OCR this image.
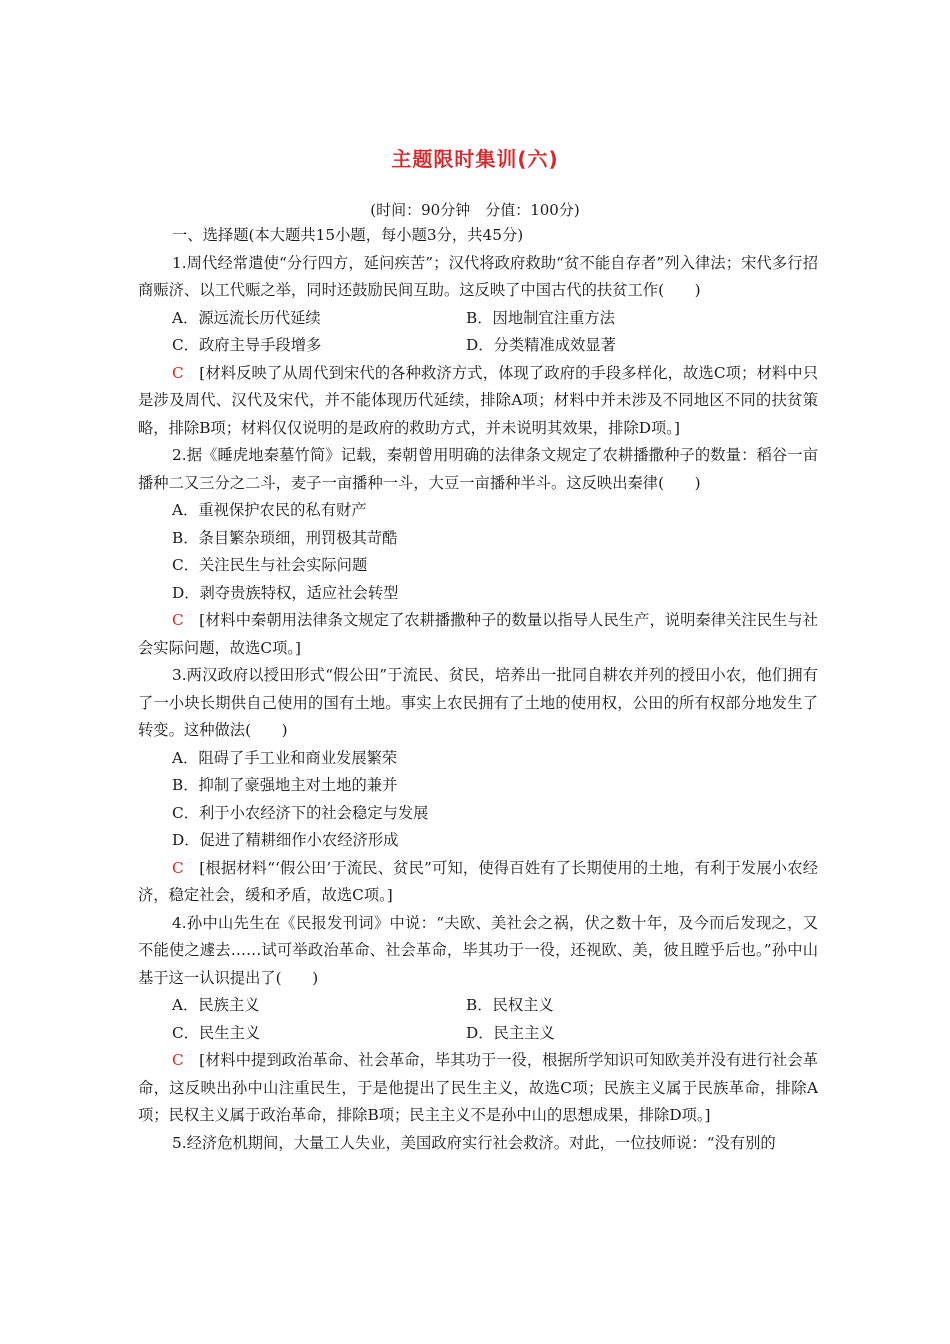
主题限时集训(六)
(时间：90分钟　分值：100分)

一、选择题(本大题共15小题，每小题3分，共45分)

1.周代经常遣使“分行四方，延问疾苦”；汉代将政府救助“贫不能自存者”列入律法；宋代多行招商赈济、以工代赈之举，同时还鼓励民间互助。这反映了中国古代的扶贫工作(　　)

A．源远流长历代延续	B．因地制宜注重方法
C．政府主导手段增多	D．分类精准成效显著

C　[材料反映了从周代到宋代的各种救济方式，体现了政府的手段多样化，故选C项；材料中只是涉及周代、汉代及宋代，并不能体现历代延续，排除A项；材料中并未涉及不同地区不同的扶贫策略，排除B项；材料仅仅说明的是政府的救助方式，并未说明其效果，排除D项。]

2.据《睡虎地秦墓竹简》记载，秦朝曾用明确的法律条文规定了农耕播撒种子的数量：稻谷一亩播种二又三分之二斗，麦子一亩播种一斗，大豆一亩播种半斗。这反映出秦律(　　)

A．重视保护农民的私有财产

B．条目繁杂琐细，刑罚极其苛酷

C．关注民生与社会实际问题

D．剥夺贵族特权，适应社会转型

C　[材料中秦朝用法律条文规定了农耕播撒种子的数量以指导人民生产，说明秦律关注民生与社会实际问题，故选C项。]

3.两汉政府以授田形式“假公田”于流民、贫民，培养出一批同自耕农并列的授田小农，他们拥有了一小块长期供自己使用的国有土地。事实上农民拥有了土地的使用权，公田的所有权部分地发生了转变。这种做法(　　)

A．阻碍了手工业和商业发展繁荣

B．抑制了豪强地主对土地的兼并

C．利于小农经济下的社会稳定与发展

D．促进了精耕细作小农经济形成

C　[根据材料“‘假公田’于流民、贫民”可知，使得百姓有了长期使用的土地，有利于发展小农经济，稳定社会，缓和矛盾，故选C项。]

4.孙中山先生在《民报发刊词》中说：“夫欧、美社会之祸，伏之数十年，及今而后发现之，又不能使之遽去……试可举政治革命、社会革命，毕其功于一役，还视欧、美，彼且瞠乎后也。”孙中山基于这一认识提出了(　　)

A．民族主义	B．民权主义
C．民生主义	D．民主主义

C　[材料中提到政治革命、社会革命，毕其功于一役，根据所学知识可知欧美并没有进行社会革命，这反映出孙中山注重民生，于是他提出了民生主义，故选C项；民族主义属于民族革命，排除A项；民权主义属于政治革命，排除B项；民主主义不是孙中山的思想成果，排除D项。]

5.经济危机期间，大量工人失业，美国政府实行社会救济。对此，一位技师说：“没有别的
